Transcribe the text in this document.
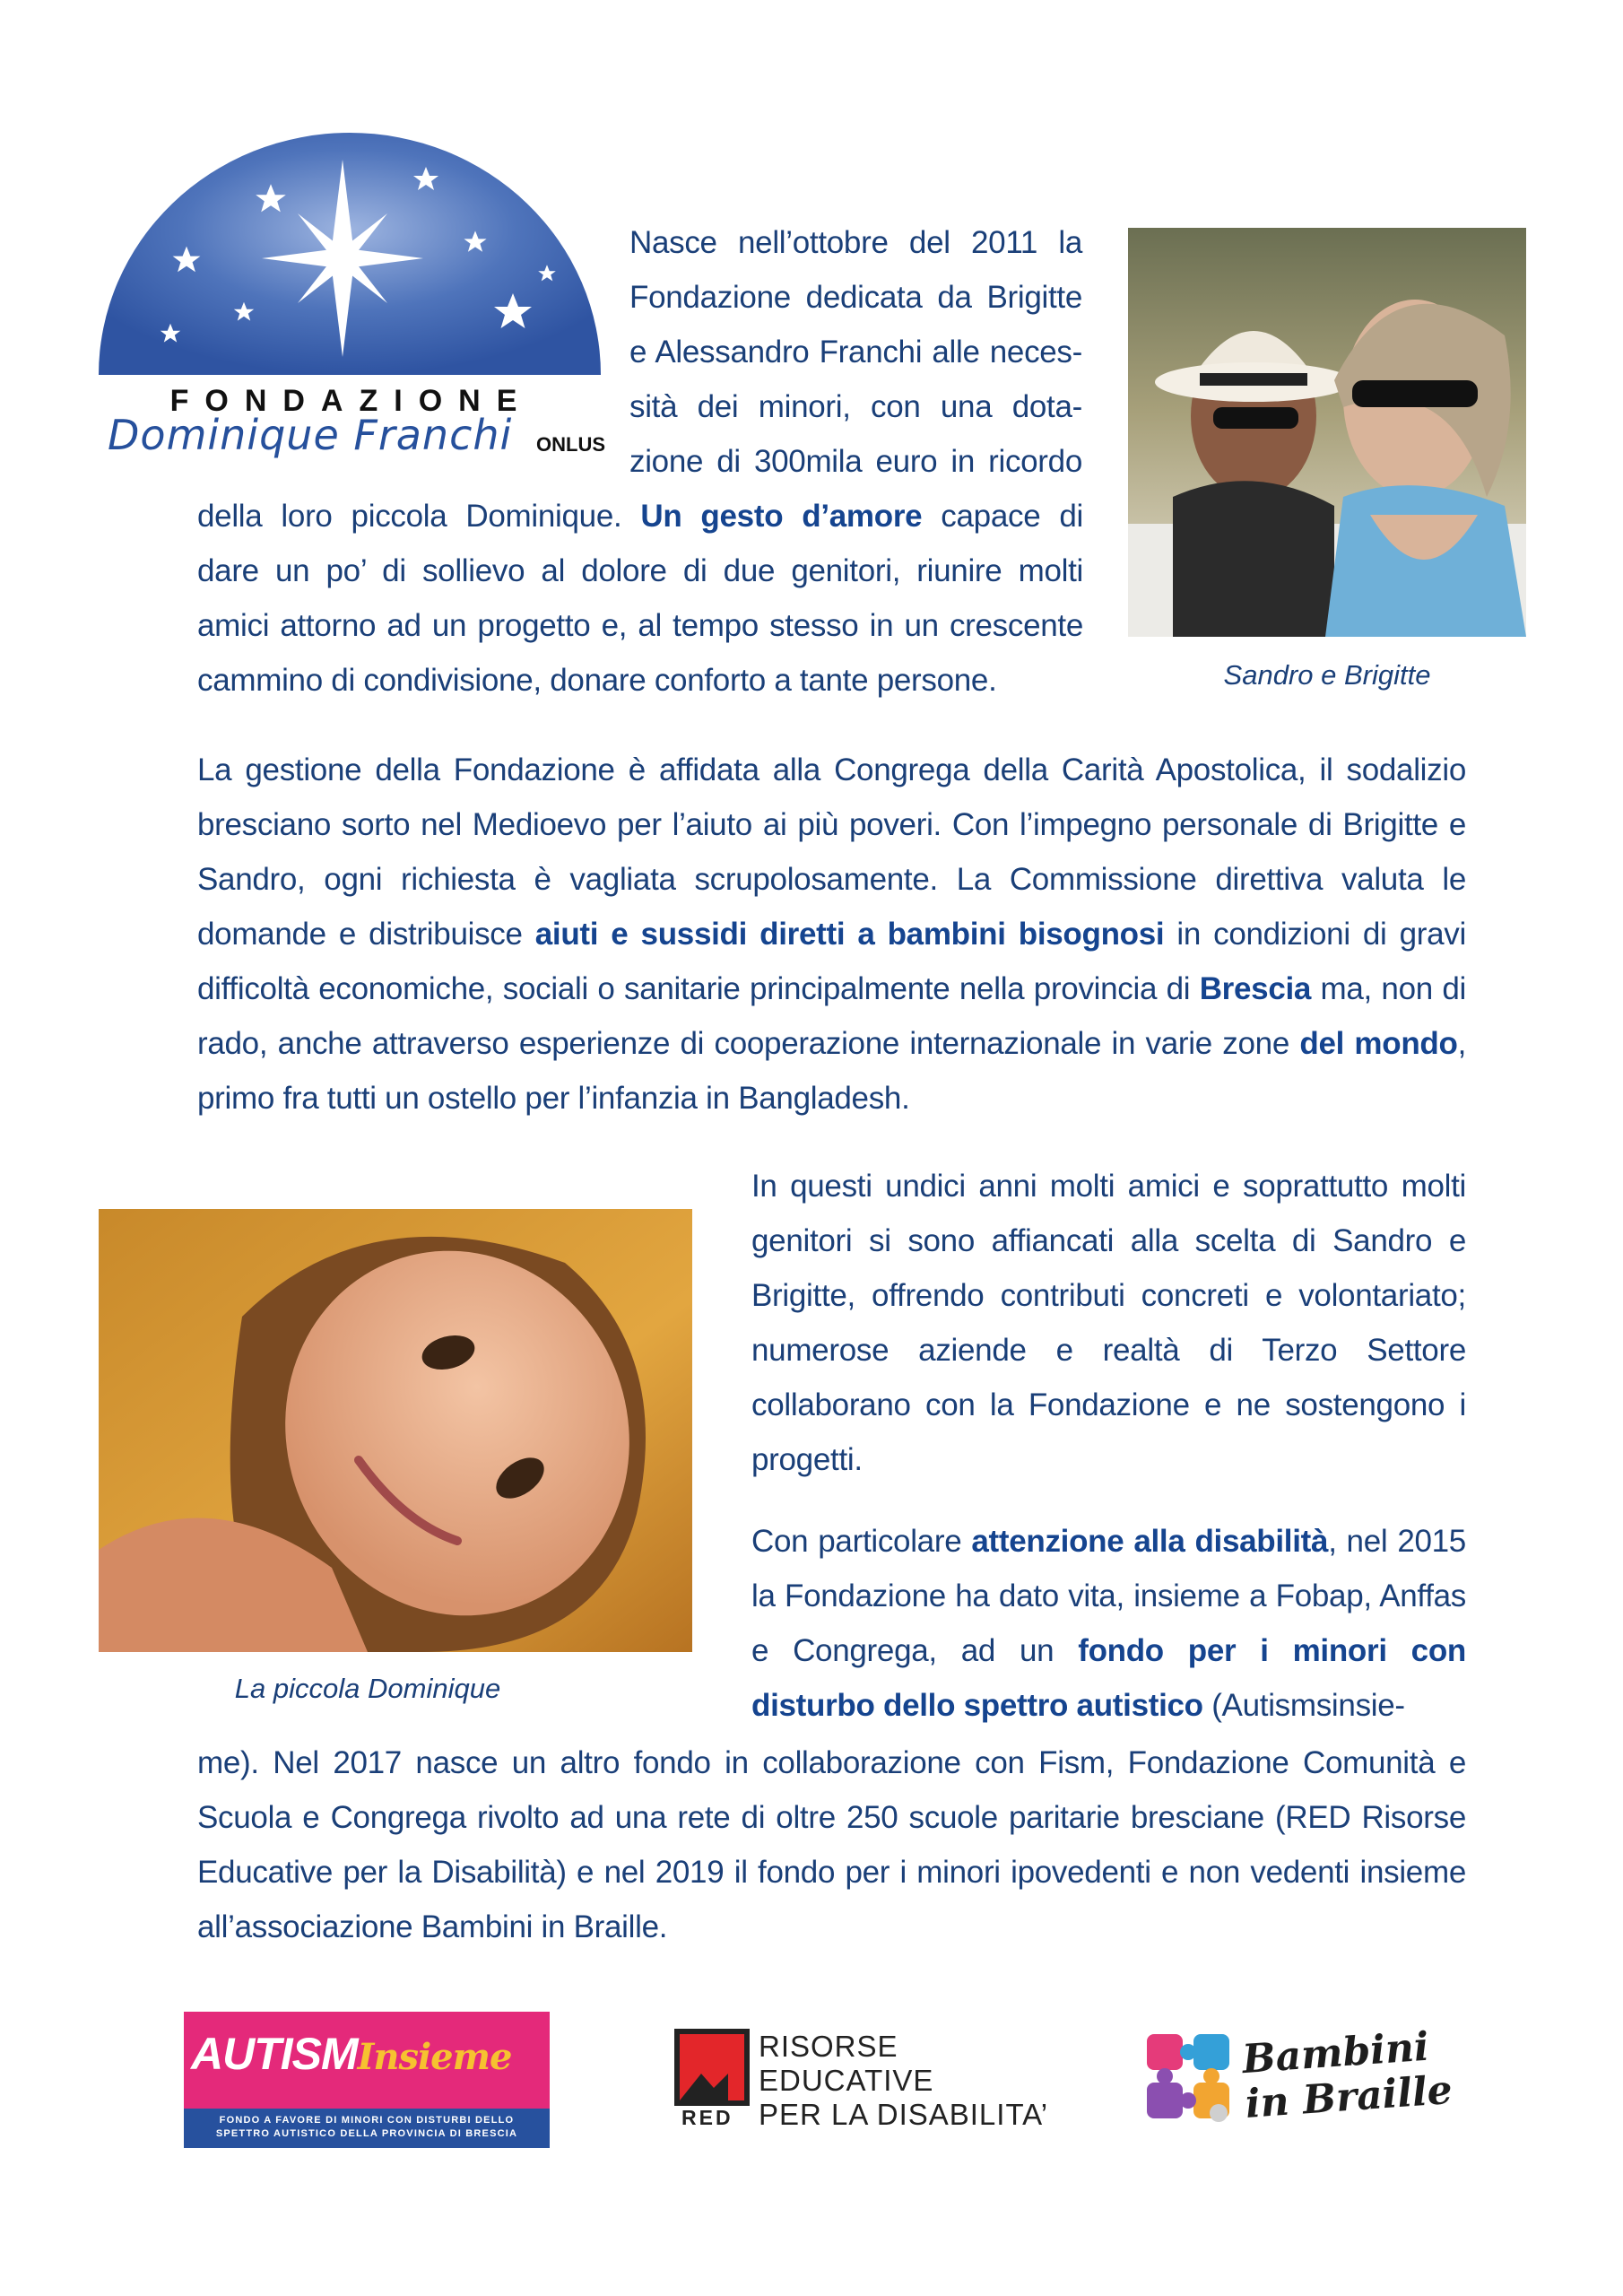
FONDAZIONE
Dominique Franchi ONLUS
Nasce nell’ottobre del 2011 la
Fondazione dedicata da Brigitte
e Alessandro Franchi alle neces-
sità dei minori, con una dota-
zione di 300mila euro in ricordo
della loro piccola Dominique. Un gesto d’amore capace di
dare un po’ di sollievo al dolore di due genitori, riunire molti
amici attorno ad un progetto e, al tempo stesso in un crescente
cammino di condivisione, donare conforto a tante persone.	Sandro e Brigitte
La gestione della Fondazione è affidata alla Congrega della Carità Apostolica, il sodalizio bresciano sorto nel Medioevo per l’aiuto ai più poveri. Con l’impegno personale di Brigitte e Sandro, ogni richiesta è vagliata scrupolosamente. La Commissione direttiva valuta le domande e distribuisce aiuti e sussidi diretti a bambini bisognosi in condizioni di gravi difficoltà economiche, sociali o sanitarie principalmente nella provincia di Brescia ma, non di rado, anche attraverso esperienze di cooperazione internazionale in varie zone del mondo, primo fra tutti un ostello per l’infanzia in Bangladesh.
La piccola Dominique
In questi undici anni molti amici e soprattutto molti genitori si sono affiancati alla scelta di Sandro e Brigitte, offrendo contributi concreti e volontariato; numerose aziende e realtà di Terzo Settore collaborano con la Fondazione e ne sostengono i progetti.
Con particolare attenzione alla disabilità, nel 2015 la Fondazione ha dato vita, insieme a Fobap, Anffas e Congrega, ad un fondo per i minori con disturbo dello spettro autistico (Autismsinsie-
me). Nel 2017 nasce un altro fondo in collaborazione con Fism, Fondazione Comunità e Scuola e Congrega rivolto ad una rete di oltre 250 scuole paritarie bresciane (RED Risorse Educative per la Disabilità) e nel 2019 il fondo per i minori ipovedenti e non vedenti insieme all’associazione Bambini in Braille.
AUTISMInsieme
FONDO A FAVORE DI MINORI CON DISTURBI DELLO
SPETTRO AUTISTICO DELLA PROVINCIA DI BRESCIA
RED
RISORSE
EDUCATIVE
PER LA DISABILITA’
Bambini
in Braille
